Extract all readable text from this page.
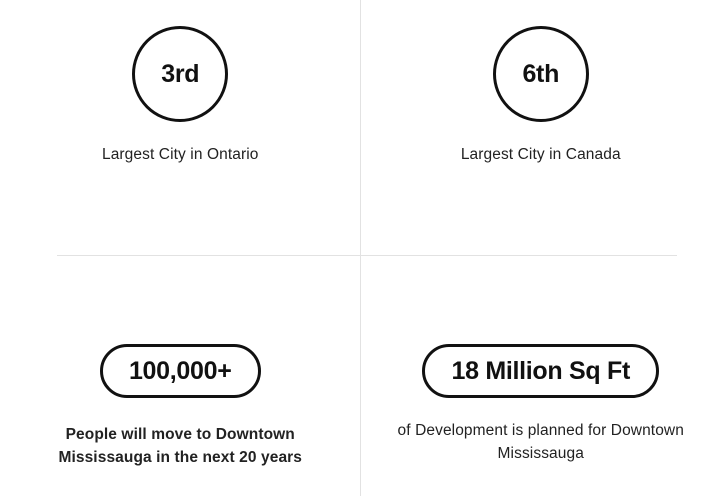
3rd
Largest City in Ontario
6th
Largest City in Canada
100,000+
People will move to Downtown Mississauga in the next 20 years
18 Million Sq Ft
of Development is planned for Downtown Mississauga
